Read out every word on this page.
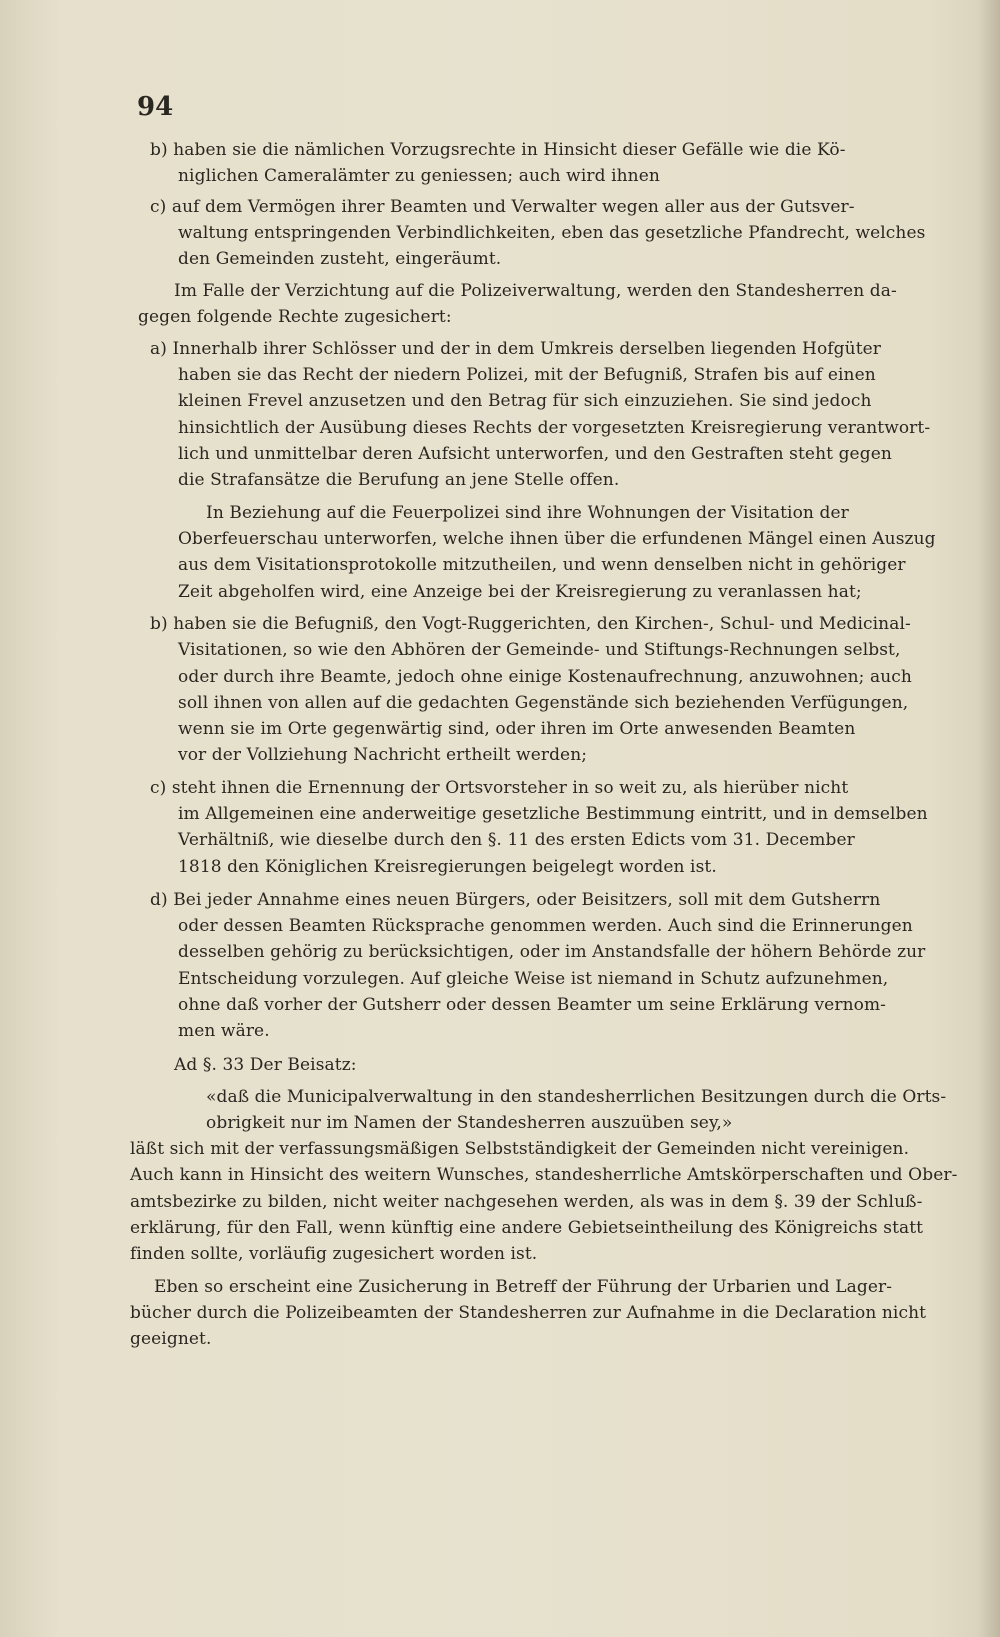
94
b) haben sie die nämlichen Vorzugsrechte in Hinsicht dieser Gefälle wie die Kö-
niglichen Cameralämter zu geniessen; auch wird ihnen
c) auf dem Vermögen ihrer Beamten und Verwalter wegen aller aus der Gutsver-
waltung entspringenden Verbindlichkeiten, eben das gesetzliche Pfandrecht, welches
den Gemeinden zusteht, eingeräumt.
Im Falle der Verzichtung auf die Polizeiverwaltung, werden den Standesherren da-
gegen folgende Rechte zugesichert:
a) Innerhalb ihrer Schlösser und der in dem Umkreis derselben liegenden Hofgüter
haben sie das Recht der niedern Polizei, mit der Befugniß, Strafen bis auf einen
kleinen Frevel anzusetzen und den Betrag für sich einzuziehen. Sie sind jedoch
hinsichtlich der Ausübung dieses Rechts der vorgesetzten Kreisregierung verantwort-
lich und unmittelbar deren Aufsicht unterworfen, und den Gestraften steht gegen
die Strafansätze die Berufung an jene Stelle offen.
In Beziehung auf die Feuerpolizei sind ihre Wohnungen der Visitation der
Oberfeuerschau unterworfen, welche ihnen über die erfundenen Mängel einen Auszug
aus dem Visitationsprotokolle mitzutheilen, und wenn denselben nicht in gehöriger
Zeit abgeholfen wird, eine Anzeige bei der Kreisregierung zu veranlassen hat;
b) haben sie die Befugniß, den Vogt-Ruggerichten, den Kirchen-, Schul- und Medicinal-
Visitationen, so wie den Abhören der Gemeinde- und Stiftungs-Rechnungen selbst,
oder durch ihre Beamte, jedoch ohne einige Kostenaufrechnung, anzuwohnen; auch
soll ihnen von allen auf die gedachten Gegenstände sich beziehenden Verfügungen,
wenn sie im Orte gegenwärtig sind, oder ihren im Orte anwesenden Beamten
vor der Vollziehung Nachricht ertheilt werden;
c) steht ihnen die Ernennung der Ortsvorsteher in so weit zu, als hierüber nicht
im Allgemeinen eine anderweitige gesetzliche Bestimmung eintritt, und in demselben
Verhältniß, wie dieselbe durch den §. 11 des ersten Edicts vom 31. December
1818 den Königlichen Kreisregierungen beigelegt worden ist.
d) Bei jeder Annahme eines neuen Bürgers, oder Beisitzers, soll mit dem Gutsherrn
oder dessen Beamten Rücksprache genommen werden. Auch sind die Erinnerungen
desselben gehörig zu berücksichtigen, oder im Anstandsfalle der höhern Behörde zur
Entscheidung vorzulegen. Auf gleiche Weise ist niemand in Schutz aufzunehmen,
ohne daß vorher der Gutsherr oder dessen Beamter um seine Erklärung vernom-
men wäre.
Ad §. 33 Der Beisatz:
«daß die Municipalverwaltung in den standesherrlichen Besitzungen durch die Orts-
obrigkeit nur im Namen der Standesherren auszuüben sey,»
läßt sich mit der verfassungsmäßigen Selbstständigkeit der Gemeinden nicht vereinigen.
Auch kann in Hinsicht des weitern Wunsches, standesherrliche Amtskörperschaften und Ober-
amtsbezirke zu bilden, nicht weiter nachgesehen werden, als was in dem §. 39 der Schluß-
erklärung, für den Fall, wenn künftig eine andere Gebietseintheilung des Königreichs statt
finden sollte, vorläufig zugesichert worden ist.
Eben so erscheint eine Zusicherung in Betreff der Führung der Urbarien und Lager-
bücher durch die Polizeibeamten der Standesherren zur Aufnahme in die Declaration nicht
geeignet.
